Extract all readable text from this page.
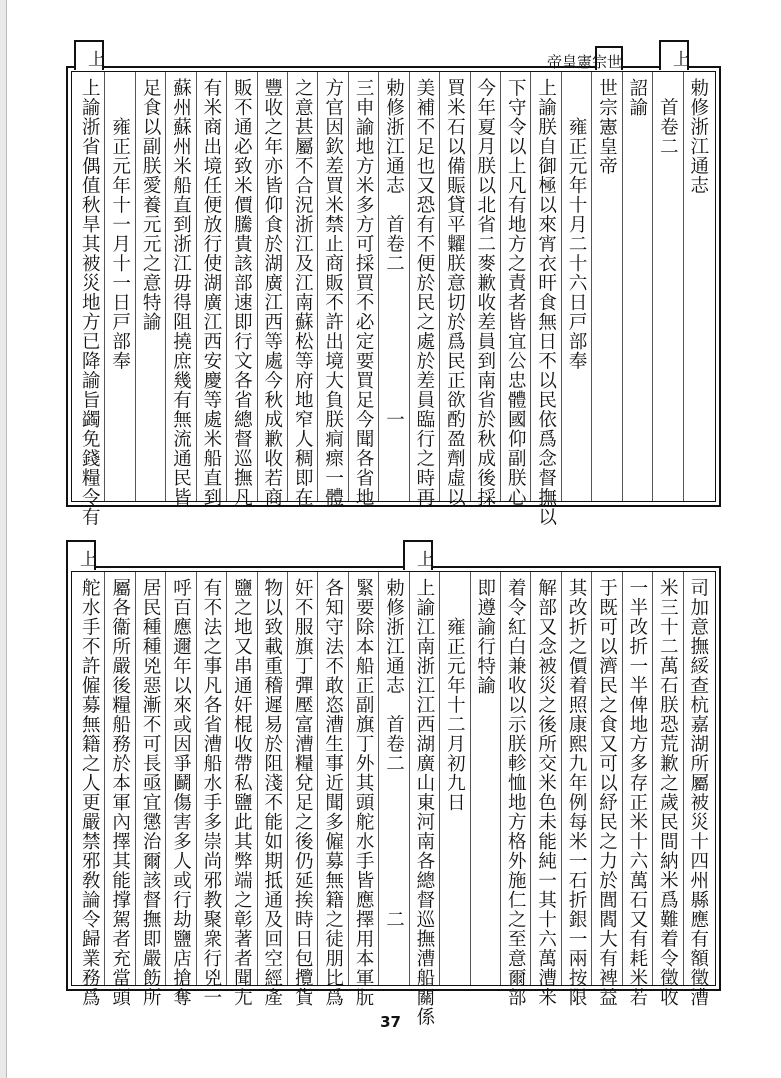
上
世宗憲皇帝
上
勅修浙江通志
　首卷二
詔諭
世宗憲皇帝
　　雍正元年十月二十六日戸部奉
上諭朕自御極以來宵衣旰食無日不以民依爲念督撫以
下守令以上凡有地方之責者皆宜公忠體國仰副朕心
今年夏月朕以北省二麥歉收差員到南省於秋成後採
買米石以備賑貸平糶朕意切於爲民正欲酌盈劑虛以
美補不足也又恐有不便於民之處於差員臨行之時再
勅修浙江通志　首卷二　　　　　　　一
三申諭地方米多方可採買不必定要買足今聞各省地
方官因欽差買米禁止商販不許出境大負朕痌瘝一體
之意甚屬不合況浙江及江南蘇松等府地窄人稠即在
豐收之年亦皆仰食於湖廣江西等處今秋成歉收若商
販不通必致米價騰貴該部速即行文各省總督巡撫凡
有米商出境任便放行使湖廣江西安慶等處米船直到
蘇州蘇州米船直到浙江毋得阻撓庶幾有無流通民皆
足食以副朕愛養元元之意特諭
　　雍正元年十一月十一日戸部奉
上諭浙省偶值秋旱其被災地方已降諭旨蠲免錢糧令有
上
上
司加意撫綏查杭嘉湖所屬被災十四州縣應有額徵漕
米三十二萬石朕恐荒歉之歲民間納米爲難着令徵收
一半改折一半俾地方多存正米十六萬石又有耗米若
于既可以濟民之食又可以紓民之力於閭閻大有裨益
其改折之價着照康熙九年例每米一石折銀一兩按限
解部又念被災之後所交米色未能純一其十六萬漕米
着令紅白兼收以示朕軫恤地方格外施仁之至意爾部
即遵諭行特諭
　　雍正元年十二月初九日
上諭江南浙江江西湖廣山東河南各總督巡撫漕船關係
勅修浙江通志　首卷二　　　　　　　二
緊要除本船正副旗丁外其頭舵水手皆應擇用本軍朊
各知守法不敢恣漕生事近聞多僱募無籍之徒朋比爲
奸不服旗丁彈壓富漕糧兌足之後仍延挨時日包攬貨
物以致載重稽遲易於阻淺不能如期抵通及回空經產
鹽之地又串通奸棍收帶私鹽此其弊端之彰著者聞尢
有不法之事凡各省漕船水手多崇尚邪教聚衆行兇一
呼百應邇年以來或因爭鬬傷害多人或行劫鹽店搶奪
居民種種兇惡漸不可長亟宜懲治爾該督撫即嚴飭所
屬各衞所嚴後糧船務於本軍內擇其能撑駕者充當頭
舵水手不許僱募無籍之人更嚴禁邪敎論令歸業務爲
37
